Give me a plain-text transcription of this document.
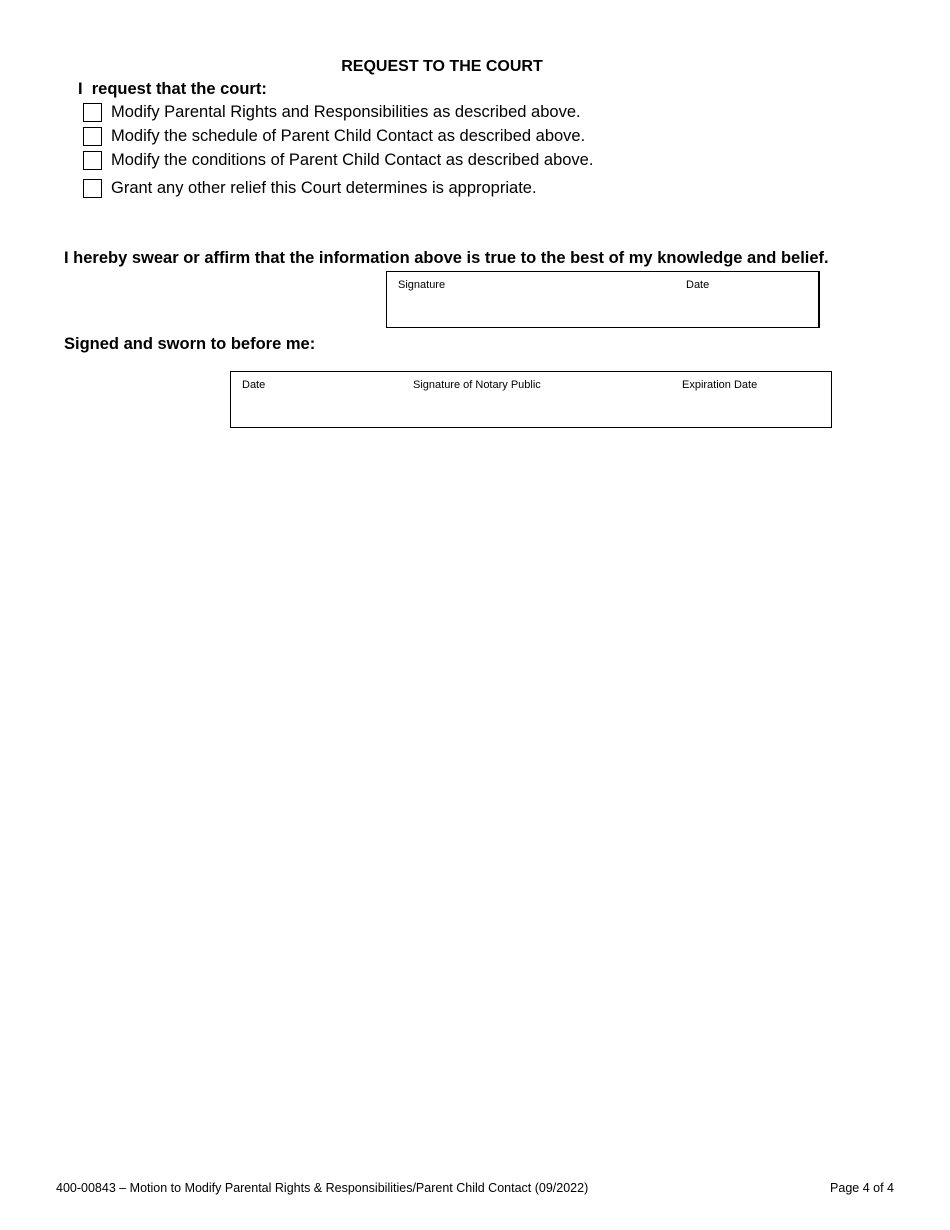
REQUEST TO THE COURT
I  request that the court:
Modify Parental Rights and Responsibilities as described above.
Modify the schedule of Parent Child Contact as described above.
Modify the conditions of Parent Child Contact as described above.
Grant any other relief this Court determines is appropriate.
I hereby swear or affirm that the information above is true to the best of my knowledge and belief.
Signature	Date
Signed and sworn to before me:
Date	Signature of Notary Public	Expiration Date
400-00843 – Motion to Modify Parental Rights & Responsibilities/Parent Child Contact (09/2022)	Page 4 of 4
